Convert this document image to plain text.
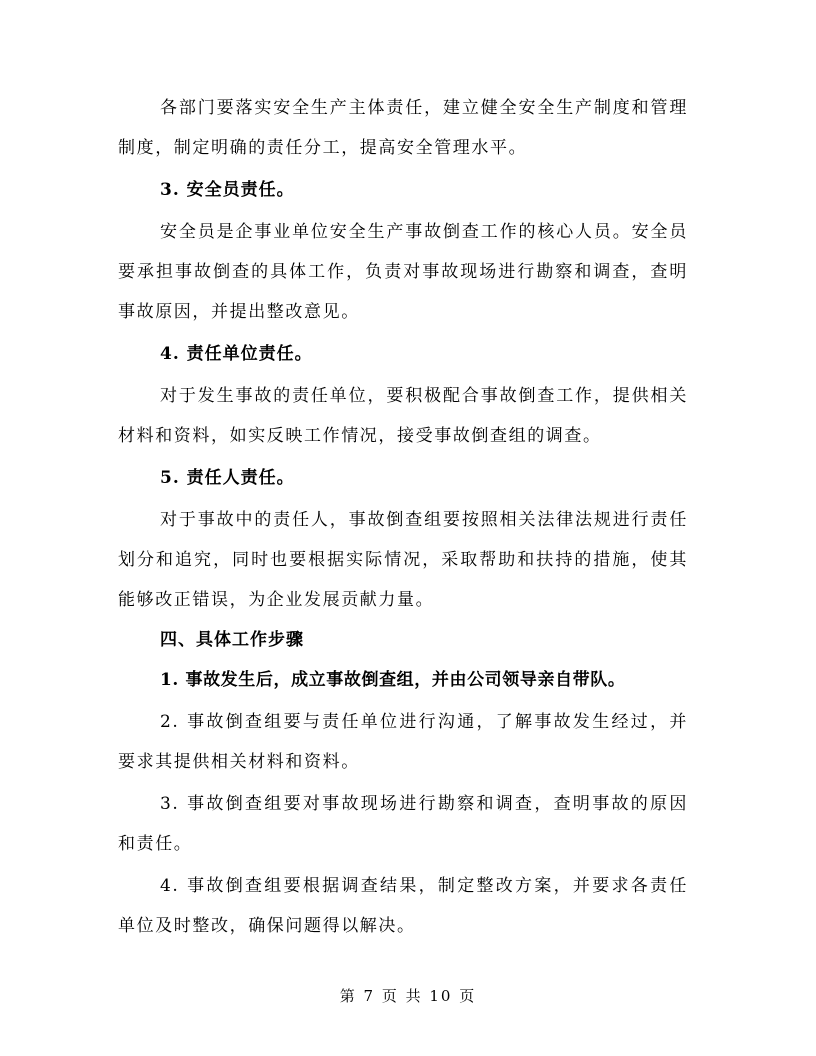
各部门要落实安全生产主体责任，建立健全安全生产制度和管理制度，制定明确的责任分工，提高安全管理水平。

3. 安全员责任。

安全员是企事业单位安全生产事故倒查工作的核心人员。安全员要承担事故倒查的具体工作，负责对事故现场进行勘察和调查，查明事故原因，并提出整改意见。

4. 责任单位责任。

对于发生事故的责任单位，要积极配合事故倒查工作，提供相关材料和资料，如实反映工作情况，接受事故倒查组的调查。

5. 责任人责任。

对于事故中的责任人，事故倒查组要按照相关法律法规进行责任划分和追究，同时也要根据实际情况，采取帮助和扶持的措施，使其能够改正错误，为企业发展贡献力量。

四、具体工作步骤

1. 事故发生后，成立事故倒查组，并由公司领导亲自带队。

2. 事故倒查组要与责任单位进行沟通，了解事故发生经过，并要求其提供相关材料和资料。

3. 事故倒查组要对事故现场进行勘察和调查，查明事故的原因和责任。

4. 事故倒查组要根据调查结果，制定整改方案，并要求各责任单位及时整改，确保问题得以解决。

第 7 页 共 10 页
